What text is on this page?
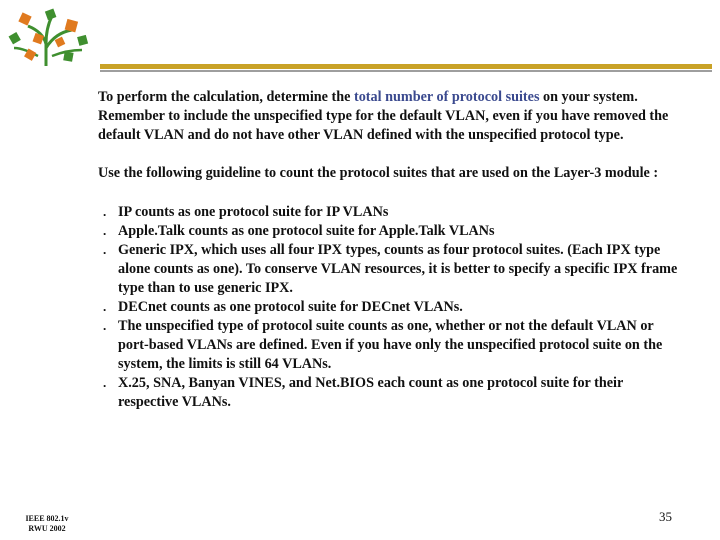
To perform the calculation, determine the total number of protocol suites on your system. Remember to include the unspecified type for the default VLAN, even if you have removed the default VLAN and do not have other VLAN defined with the unspecified protocol type.

Use the following guideline to count the protocol suites that are used on the Layer-3 module :

. IP counts as one protocol suite for IP VLANs
. Apple.Talk counts as one protocol suite for Apple.Talk VLANs
. Generic IPX, which uses all four IPX types, counts as four protocol suites. (Each IPX type alone counts as one). To conserve VLAN resources, it is better to specify a specific IPX frame type than to use generic IPX.
. DECnet counts as one protocol suite for DECnet VLANs.
. The unspecified type of protocol suite counts as one, whether or not the default VLAN or port-based VLANs are defined. Even if you have only the unspecified protocol suite on the system, the limits is still 64 VLANs.
. X.25, SNA, Banyan VINES, and Net.BIOS each count as one protocol suite for their respective VLANs.
IEEE 802.1v
RWU 2002
35
